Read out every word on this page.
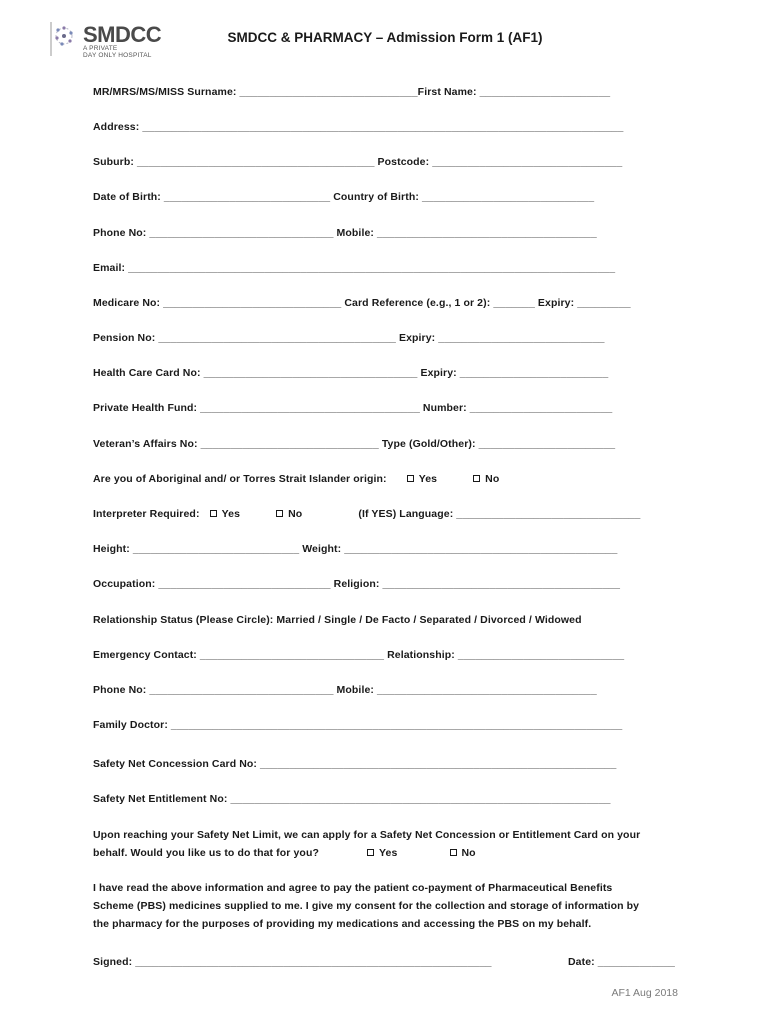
SMDCC
A PRIVATE
DAY ONLY HOSPITAL
SMDCC & PHARMACY – Admission Form 1 (AF1)
MR/MRS/MS/MISS Surname: ______________________________First Name: ______________________
Address: _________________________________________________________________________________
Suburb: ________________________________________ Postcode: ________________________________
Date of Birth: ____________________________ Country of Birth: _____________________________
Phone No: _______________________________ Mobile: _____________________________________
Email: __________________________________________________________________________________
Medicare No: ______________________________ Card Reference (e.g., 1 or 2): _______ Expiry: _________
Pension No: ________________________________________ Expiry: ____________________________
Health Care Card No: ____________________________________ Expiry: _________________________
Private Health Fund: _____________________________________ Number: ________________________
Veteran’s Affairs No: ______________________________ Type (Gold/Other): _______________________
Are you of Aboriginal and/ or Torres Strait Islander origin:	Yes	No
Interpreter Required: Yes	No	(If YES) Language: _______________________________
Height: ____________________________ Weight: ______________________________________________
Occupation: _____________________________ Religion: ________________________________________
Relationship Status (Please Circle): Married / Single / De Facto / Separated / Divorced / Widowed
Emergency Contact: _______________________________ Relationship: ____________________________
Phone No: _______________________________ Mobile: _____________________________________
Family Doctor: ____________________________________________________________________________
Safety Net Concession Card No: ____________________________________________________________
Safety Net Entitlement No: ________________________________________________________________
Upon reaching your Safety Net Limit, we can apply for a Safety Net Concession or Entitlement Card on your
behalf. Would you like us to do that for you?	Yes	No
I have read the above information and agree to pay the patient co-payment of Pharmaceutical Benefits
Scheme (PBS) medicines supplied to me. I give my consent for the collection and storage of information by
the pharmacy for the purposes of providing my medications and accessing the PBS on my behalf.
Signed: ____________________________________________________________	Date: _____________
AF1 Aug 2018
